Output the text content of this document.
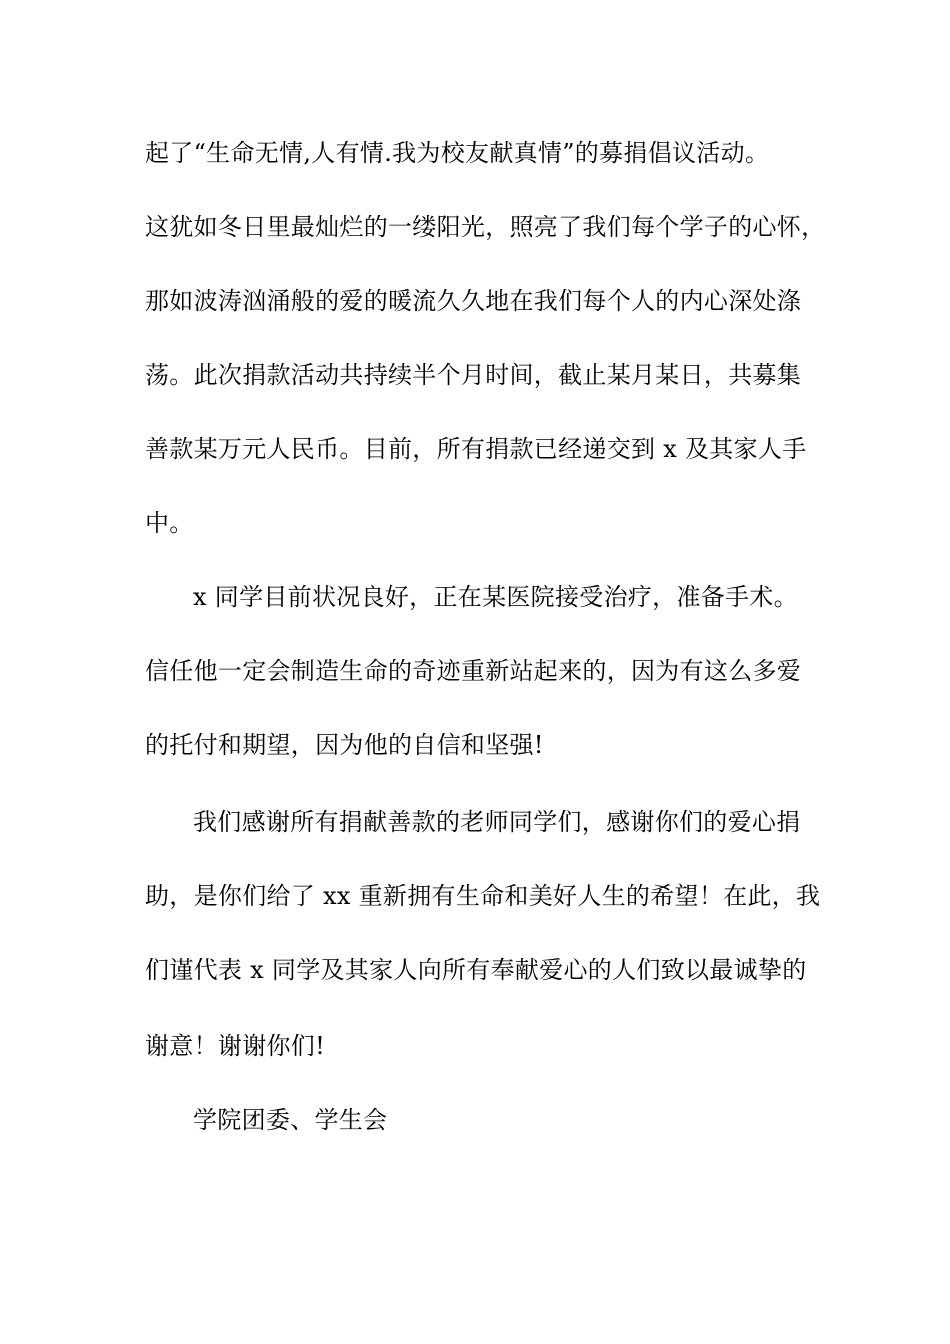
起了“生命无情,人有情.我为校友献真情”的募捐倡议活动。
这犹如冬日里最灿烂的一缕阳光，照亮了我们每个学子的心怀，
那如波涛汹涌般的爱的暖流久久地在我们每个人的内心深处涤
荡。此次捐款活动共持续半个月时间，截止某月某日，共募集
善款某万元人民币。目前，所有捐款已经递交到 x 及其家人手
中。
x 同学目前状况良好，正在某医院接受治疗，准备手术。
信任他一定会制造生命的奇迹重新站起来的，因为有这么多爱
的托付和期望，因为他的自信和坚强!
我们感谢所有捐献善款的老师同学们，感谢你们的爱心捐
助，是你们给了 xx 重新拥有生命和美好人生的希望！在此，我
们谨代表 x 同学及其家人向所有奉献爱心的人们致以最诚挚的
谢意！谢谢你们!
学院团委、学生会
